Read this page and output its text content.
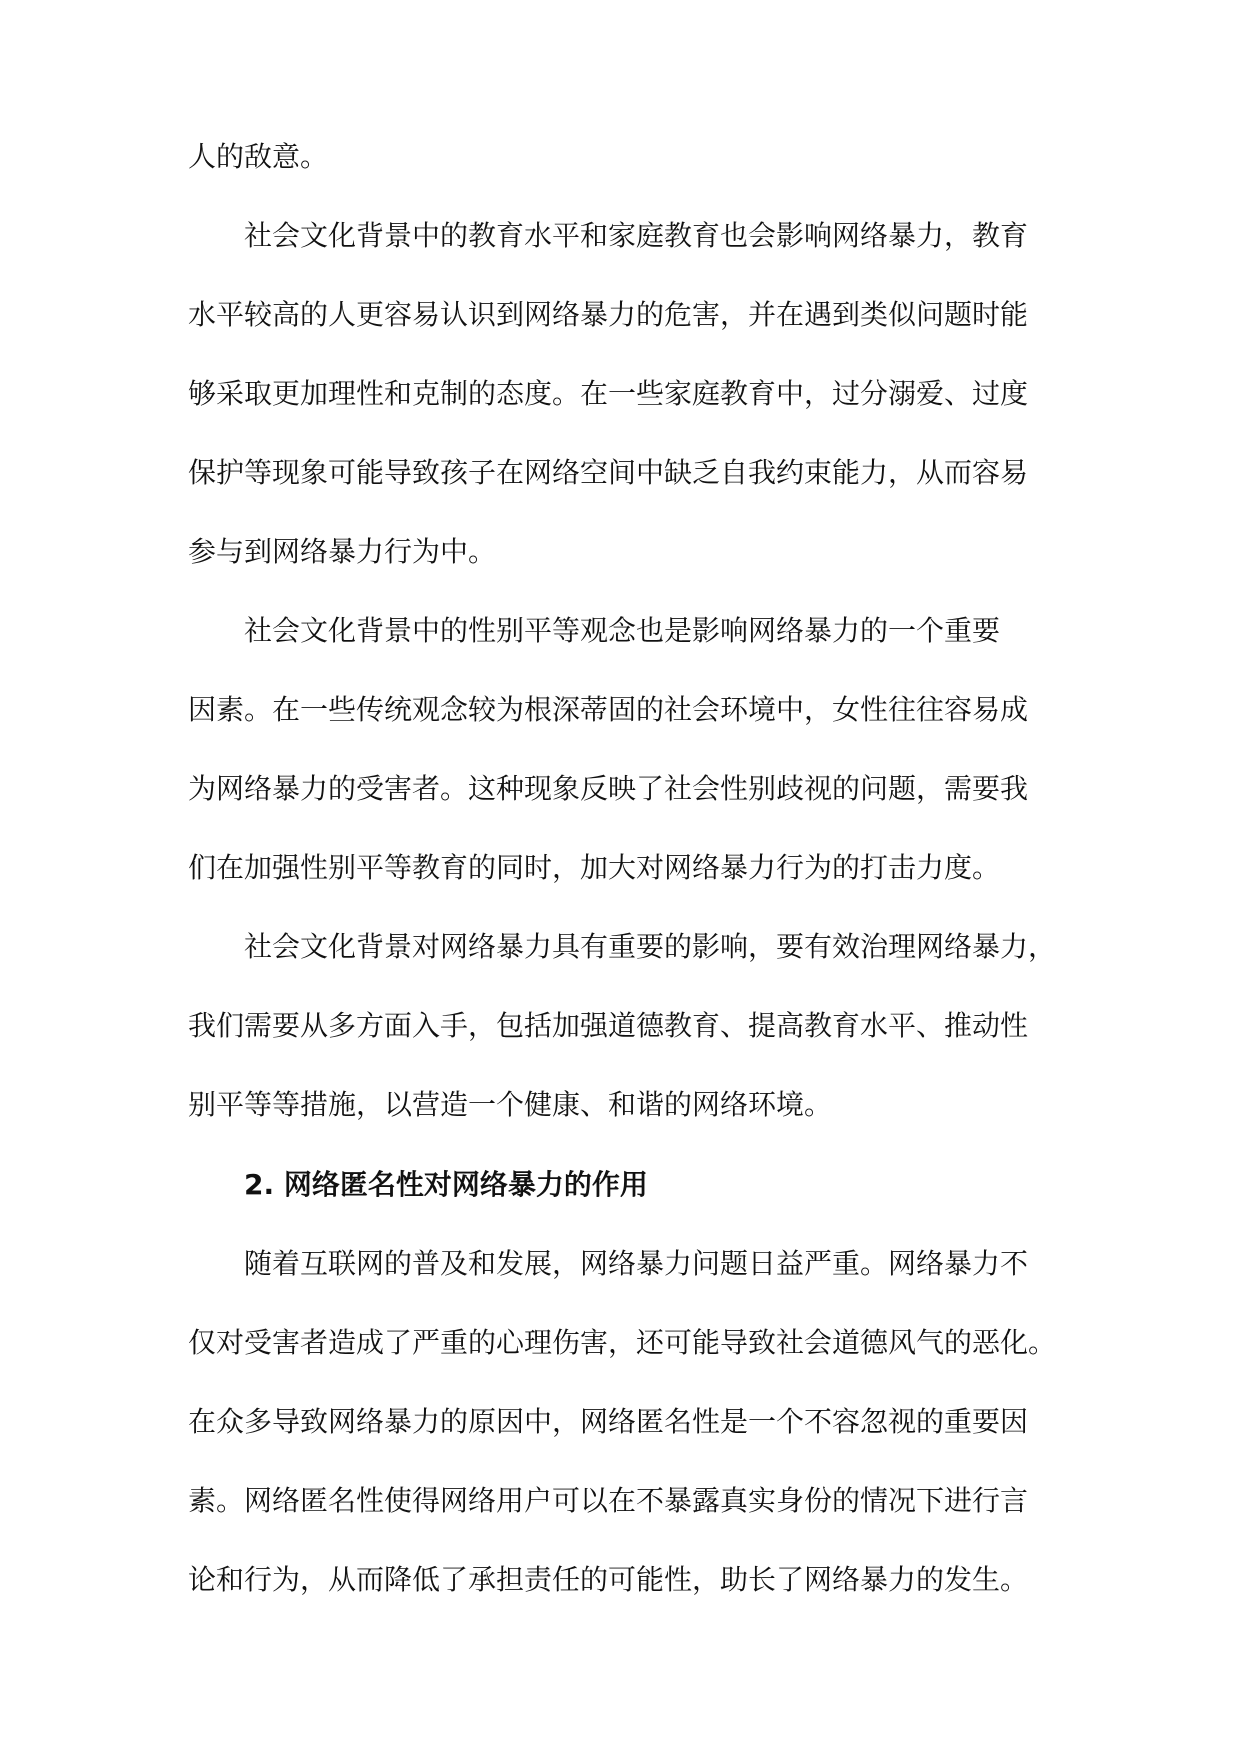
人的敌意。
社会文化背景中的教育水平和家庭教育也会影响网络暴力，教育
水平较高的人更容易认识到网络暴力的危害，并在遇到类似问题时能
够采取更加理性和克制的态度。在一些家庭教育中，过分溺爱、过度
保护等现象可能导致孩子在网络空间中缺乏自我约束能力，从而容易
参与到网络暴力行为中。
社会文化背景中的性别平等观念也是影响网络暴力的一个重要
因素。在一些传统观念较为根深蒂固的社会环境中，女性往往容易成
为网络暴力的受害者。这种现象反映了社会性别歧视的问题，需要我
们在加强性别平等教育的同时，加大对网络暴力行为的打击力度。
社会文化背景对网络暴力具有重要的影响，要有效治理网络暴力，
我们需要从多方面入手，包括加强道德教育、提高教育水平、推动性
别平等等措施，以营造一个健康、和谐的网络环境。
2. 网络匿名性对网络暴力的作用
随着互联网的普及和发展，网络暴力问题日益严重。网络暴力不
仅对受害者造成了严重的心理伤害，还可能导致社会道德风气的恶化。
在众多导致网络暴力的原因中，网络匿名性是一个不容忽视的重要因
素。网络匿名性使得网络用户可以在不暴露真实身份的情况下进行言
论和行为，从而降低了承担责任的可能性，助长了网络暴力的发生。
